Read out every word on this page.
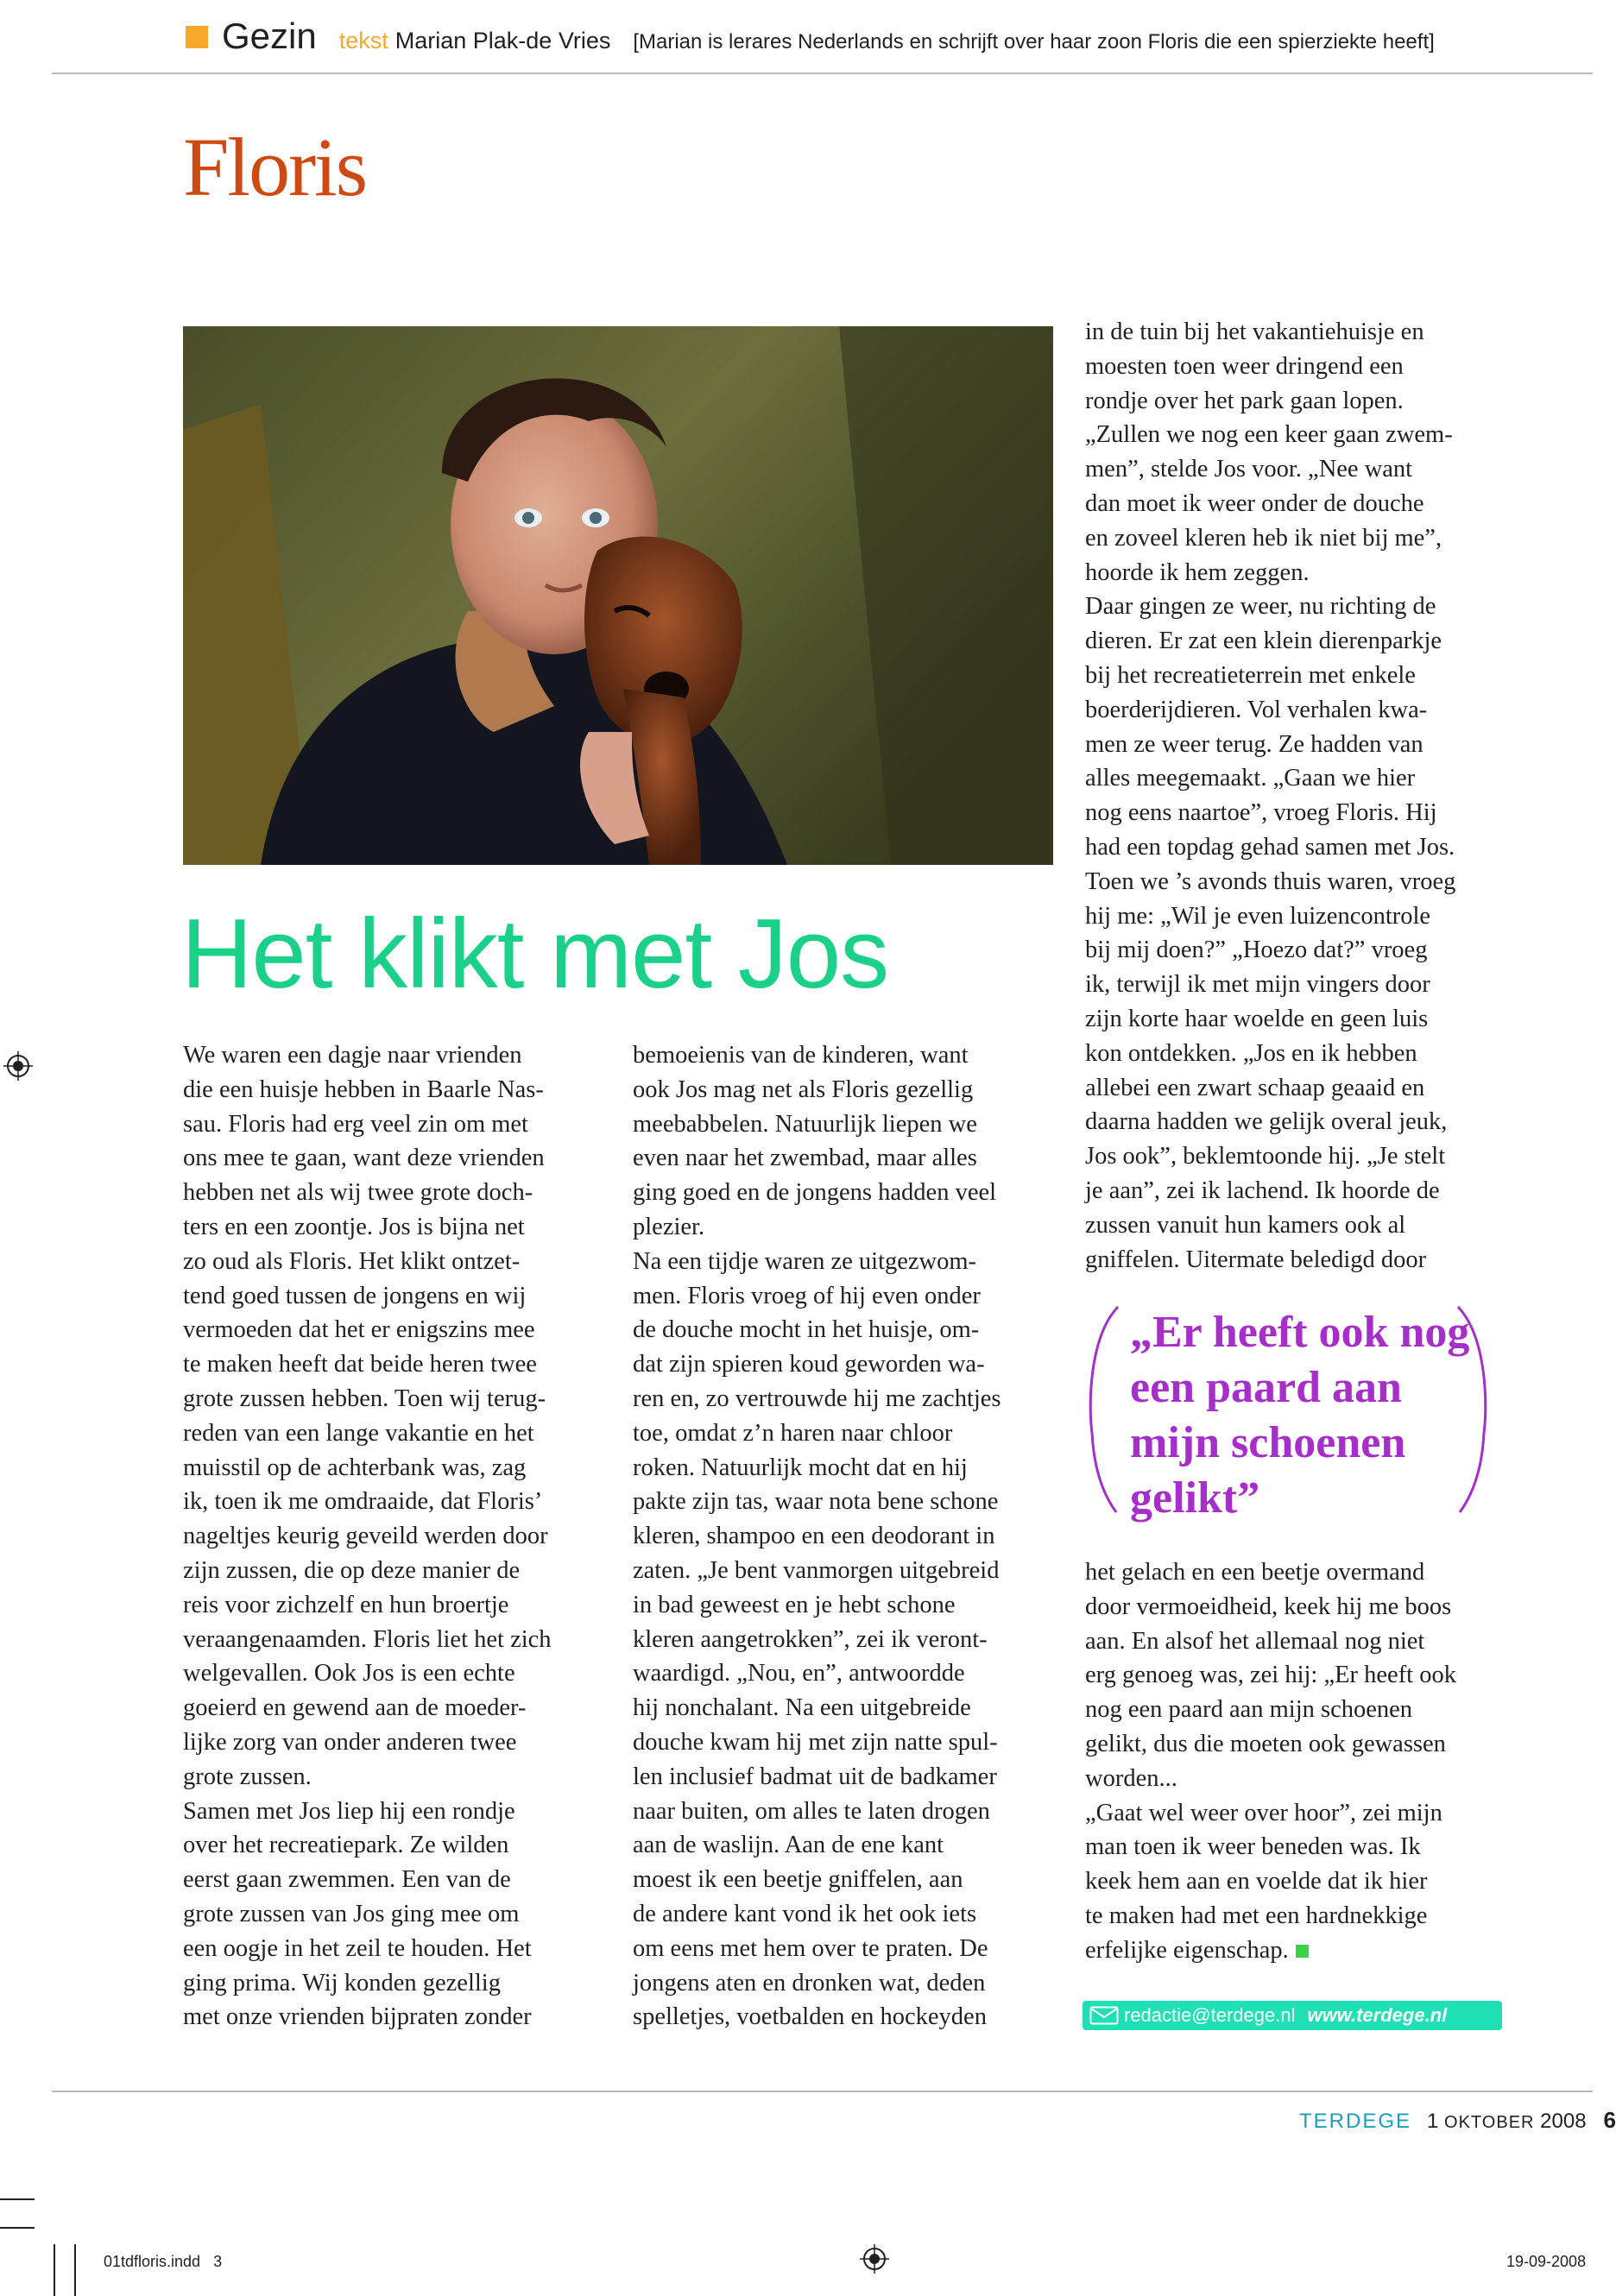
Gezin tekst Marian Plak-de Vries [Marian is lerares Nederlands en schrijft over haar zoon Floris die een spierziekte heeft]
Floris
Het klikt met Jos

We waren een dagje naar vrienden

die een huisje hebben in Baarle Nas-

sau. Floris had erg veel zin om met

ons mee te gaan, want deze vrienden

hebben net als wij twee grote doch-

ters en een zoontje. Jos is bijna net

zo oud als Floris. Het klikt ontzet-

tend goed tussen de jongens en wij

vermoeden dat het er enigszins mee

te maken heeft dat beide heren twee

grote zussen hebben. Toen wij terug-

reden van een lange vakantie en het

muisstil op de achterbank was, zag

ik, toen ik me omdraaide, dat Floris’

nageltjes keurig geveild werden door

zijn zussen, die op deze manier de

reis voor zichzelf en hun broertje

veraangenaamden. Floris liet het zich

welgevallen. Ook Jos is een echte

goeierd en gewend aan de moeder-

lijke zorg van onder anderen twee

grote zussen.

Samen met Jos liep hij een rondje

over het recreatiepark. Ze wilden

eerst gaan zwemmen. Een van de

grote zussen van Jos ging mee om

een oogje in het zeil te houden. Het

ging prima. Wij konden gezellig

met onze vrienden bijpraten zonder

bemoeienis van de kinderen, want

ook Jos mag net als Floris gezellig

meebabbelen. Natuurlijk liepen we

even naar het zwembad, maar alles

ging goed en de jongens hadden veel

plezier.

Na een tijdje waren ze uitgezwom-

men. Floris vroeg of hij even onder

de douche mocht in het huisje, om-

dat zijn spieren koud geworden wa-

ren en, zo vertrouwde hij me zachtjes

toe, omdat z’n haren naar chloor

roken. Natuurlijk mocht dat en hij

pakte zijn tas, waar nota bene schone

kleren, shampoo en een deodorant in

zaten. „Je bent vanmorgen uitgebreid

in bad geweest en je hebt schone

kleren aangetrokken”, zei ik veront-

waardigd. „Nou, en”, antwoordde

hij nonchalant. Na een uitgebreide

douche kwam hij met zijn natte spul-

len inclusief badmat uit de badkamer

naar buiten, om alles te laten drogen

aan de waslijn. Aan de ene kant

moest ik een beetje gniffelen, aan

de andere kant vond ik het ook iets

om eens met hem over te praten. De

jongens aten en dronken wat, deden

spelletjes, voetbalden en hockeyden

in de tuin bij het vakantiehuisje en

moesten toen weer dringend een

rondje over het park gaan lopen.

„Zullen we nog een keer gaan zwem-

men”, stelde Jos voor. „Nee want

dan moet ik weer onder de douche

en zoveel kleren heb ik niet bij me”,

hoorde ik hem zeggen.

Daar gingen ze weer, nu richting de

dieren. Er zat een klein dierenparkje

bij het recreatieterrein met enkele

boerderijdieren. Vol verhalen kwa-

men ze weer terug. Ze hadden van

alles meegemaakt. „Gaan we hier

nog eens naartoe”, vroeg Floris. Hij

had een topdag gehad samen met Jos.

Toen we ’s avonds thuis waren, vroeg

hij me: „Wil je even luizencontrole

bij mij doen?” „Hoezo dat?” vroeg

ik, terwijl ik met mijn vingers door

zijn korte haar woelde en geen luis

kon ontdekken. „Jos en ik hebben

allebei een zwart schaap geaaid en

daarna hadden we gelijk overal jeuk,

Jos ook”, beklemtoonde hij. „Je stelt

je aan”, zei ik lachend. Ik hoorde de

zussen vanuit hun kamers ook al

gniffelen. Uitermate beledigd door

„Er heeft ook nog
een paard aan
mijn schoenen
gelikt”

het gelach en een beetje overmand

door vermoeidheid, keek hij me boos

aan. En alsof het allemaal nog niet

erg genoeg was, zei hij: „Er heeft ook

nog een paard aan mijn schoenen

gelikt, dus die moeten ook gewassen

worden...

„Gaat wel weer over hoor”, zei mijn

man toen ik weer beneden was. Ik

keek hem aan en voelde dat ik hier

te maken had met een hardnekkige

erfelijke eigenschap.

redactie@terdege.nl www.terdege.nl
TERDEGE 1 OKTOBER 2008 6
01tdfloris.indd   3	19-09-2008
